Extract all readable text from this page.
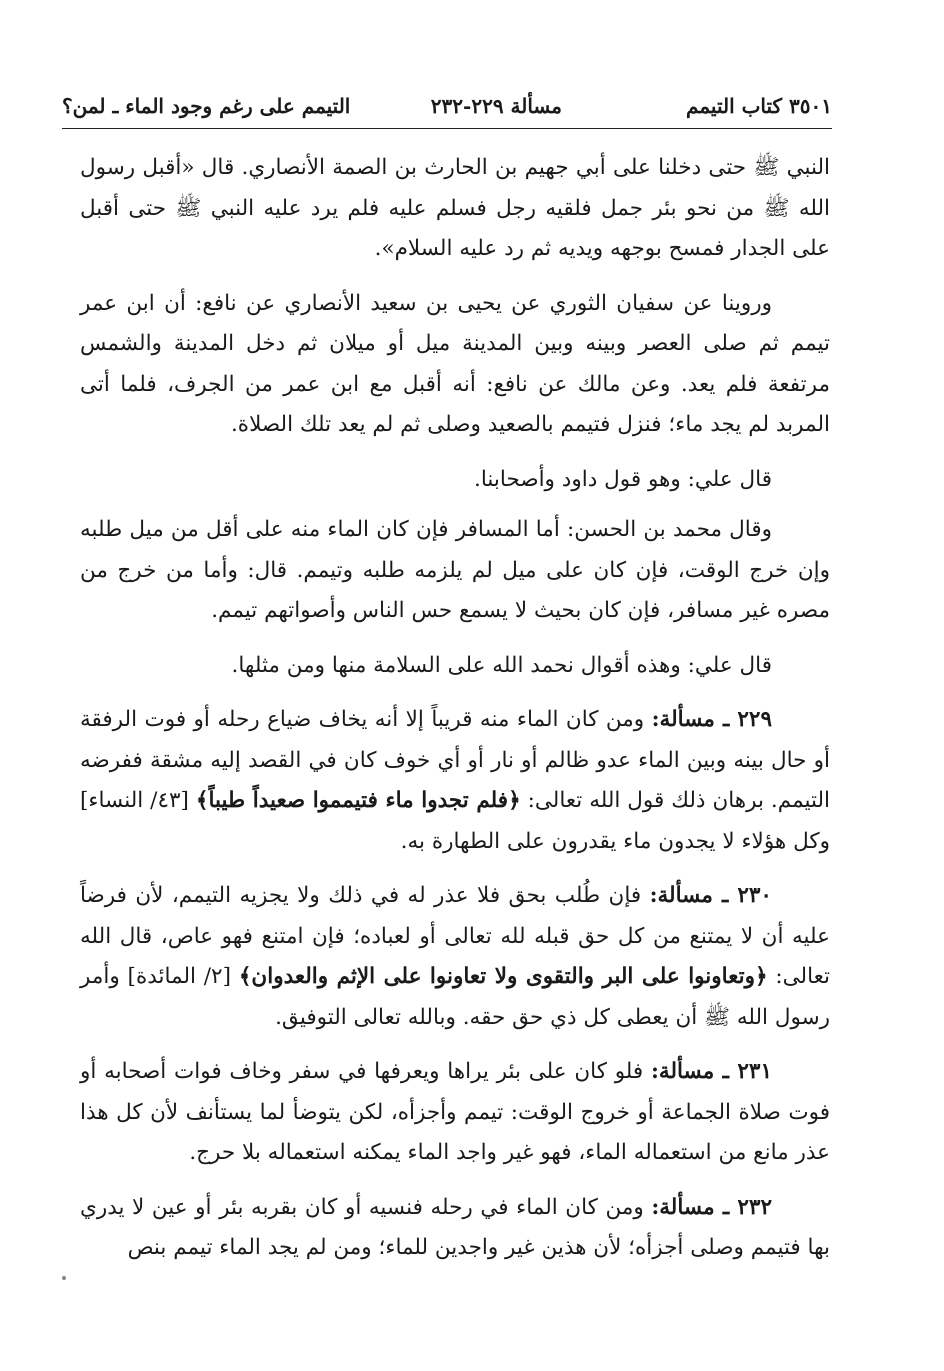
٣٥٠١ كتاب التيمم
مسألة ٢٢٩-٢٣٢
التيمم على رغم وجود الماء ـ لمن؟

النبي ﷺ حتى دخلنا على أبي جهيم بن الحارث بن الصمة الأنصاري. قال «أقبل رسول الله ﷺ من نحو بئر جمل فلقيه رجل فسلم عليه فلم يرد عليه النبي ﷺ حتى أقبل على الجدار فمسح بوجهه ويديه ثم رد عليه السلام».

وروينا عن سفيان الثوري عن يحيى بن سعيد الأنصاري عن نافع: أن ابن عمر تيمم ثم صلى العصر وبينه وبين المدينة ميل أو ميلان ثم دخل المدينة والشمس مرتفعة فلم يعد. وعن مالك عن نافع: أنه أقبل مع ابن عمر من الجرف، فلما أتى المربد لم يجد ماء؛ فنزل فتيمم بالصعيد وصلى ثم لم يعد تلك الصلاة.

قال علي: وهو قول داود وأصحابنا.

وقال محمد بن الحسن: أما المسافر فإن كان الماء منه على أقل من ميل طلبه وإن خرج الوقت، فإن كان على ميل لم يلزمه طلبه وتيمم. قال: وأما من خرج من مصره غير مسافر، فإن كان بحيث لا يسمع حس الناس وأصواتهم تيمم.

قال علي: وهذه أقوال نحمد الله على السلامة منها ومن مثلها.

٢٢٩ ـ مسألة: ومن كان الماء منه قريباً إلا أنه يخاف ضياع رحله أو فوت الرفقة أو حال بينه وبين الماء عدو ظالم أو نار أو أي خوف كان في القصد إليه مشقة ففرضه التيمم. برهان ذلك قول الله تعالى: ﴿فلم تجدوا ماء فتيمموا صعيداً طيباً﴾ [٤٣/ النساء] وكل هؤلاء لا يجدون ماء يقدرون على الطهارة به.

٢٣٠ ـ مسألة: فإن طُلب بحق فلا عذر له في ذلك ولا يجزيه التيمم، لأن فرضاً عليه أن لا يمتنع من كل حق قبله لله تعالى أو لعباده؛ فإن امتنع فهو عاص، قال الله تعالى: ﴿وتعاونوا على البر والتقوى ولا تعاونوا على الإثم والعدوان﴾ [٢/ المائدة] وأمر رسول الله ﷺ أن يعطى كل ذي حق حقه. وبالله تعالى التوفيق.

٢٣١ ـ مسألة: فلو كان على بئر يراها ويعرفها في سفر وخاف فوات أصحابه أو فوت صلاة الجماعة أو خروج الوقت: تيمم وأجزأه، لكن يتوضأ لما يستأنف لأن كل هذا عذر مانع من استعماله الماء، فهو غير واجد الماء يمكنه استعماله بلا حرج.

٢٣٢ ـ مسألة: ومن كان الماء في رحله فنسيه أو كان بقربه بئر أو عين لا يدري بها فتيمم وصلى أجزأه؛ لأن هذين غير واجدين للماء؛ ومن لم يجد الماء تيمم بنص
